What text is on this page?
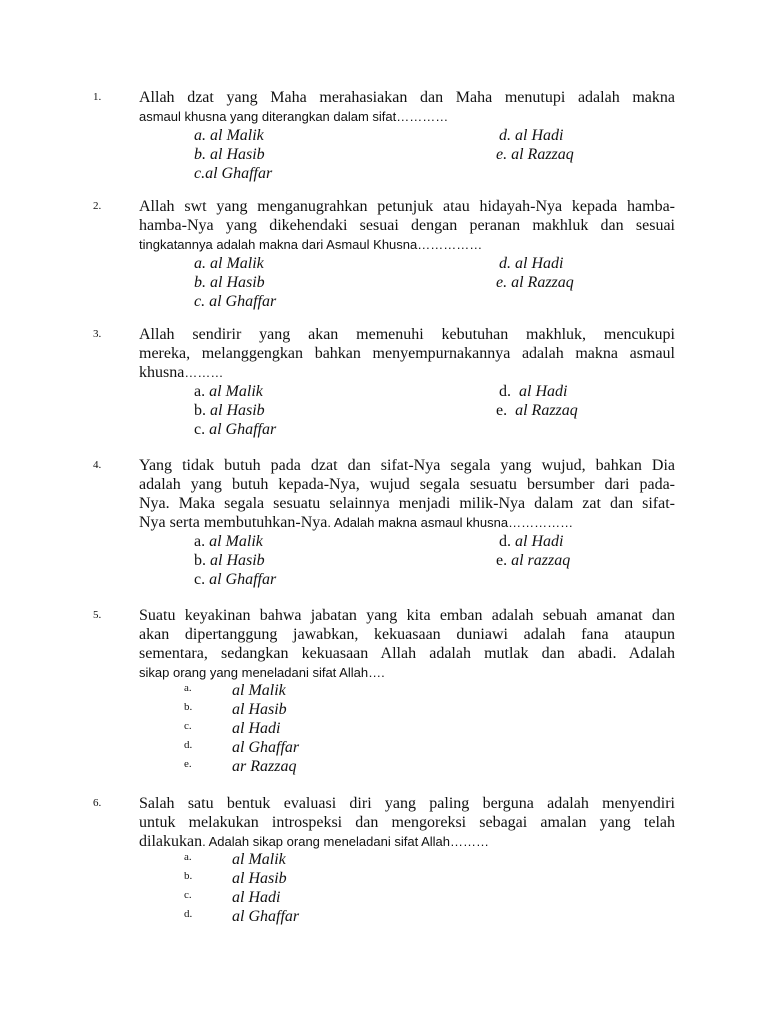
1. Allah dzat yang Maha merahasiakan dan Maha menutupi adalah makna
asmaul khusna yang diterangkan dalam sifat…………
a. al Malik
b. al Hasib
c.al Ghaffar
d. al Hadi
e. al Razzaq
2. Allah swt yang menganugrahkan petunjuk atau hidayah-Nya kepada hamba-
hamba-Nya yang dikehendaki sesuai dengan peranan makhluk dan sesuai
tingkatannya adalah makna dari Asmaul Khusna……………
a. al Malik
b. al Hasib
c. al Ghaffar
d. al Hadi
e. al Razzaq
3. Allah sendirir yang akan memenuhi kebutuhan makhluk, mencukupi
mereka, melanggengkan bahkan menyempurnakannya adalah makna asmaul
khusna………
a. al Malik
b. al Hasib
c. al Ghaffar
d. al Hadi
e. al Razzaq
4. Yang tidak butuh pada dzat dan sifat-Nya segala yang wujud, bahkan Dia
adalah yang butuh kepada-Nya, wujud segala sesuatu bersumber dari pada-
Nya. Maka segala sesuatu selainnya menjadi milik-Nya dalam zat dan sifat-
Nya serta membutuhkan-Nya. Adalah makna asmaul khusna……………
a. al Malik
b. al Hasib
c. al Ghaffar
d. al Hadi
e. al razzaq
5. Suatu keyakinan bahwa jabatan yang kita emban adalah sebuah amanat dan
akan dipertanggung jawabkan, kekuasaan duniawi adalah fana ataupun
sementara, sedangkan kekuasaan Allah adalah mutlak dan abadi. Adalah
sikap orang yang meneladani sifat Allah….
a.	al Malik
b. al Hasib
c.	al Hadi
d. al Ghaffar
e.	ar Razzaq
6. Salah satu bentuk evaluasi diri yang paling berguna adalah menyendiri
untuk melakukan introspeksi dan mengoreksi sebagai amalan yang telah
dilakukan. Adalah sikap orang meneladani sifat Allah………
a.	al Malik
b. al Hasib
c.	al Hadi
d. al Ghaffar
